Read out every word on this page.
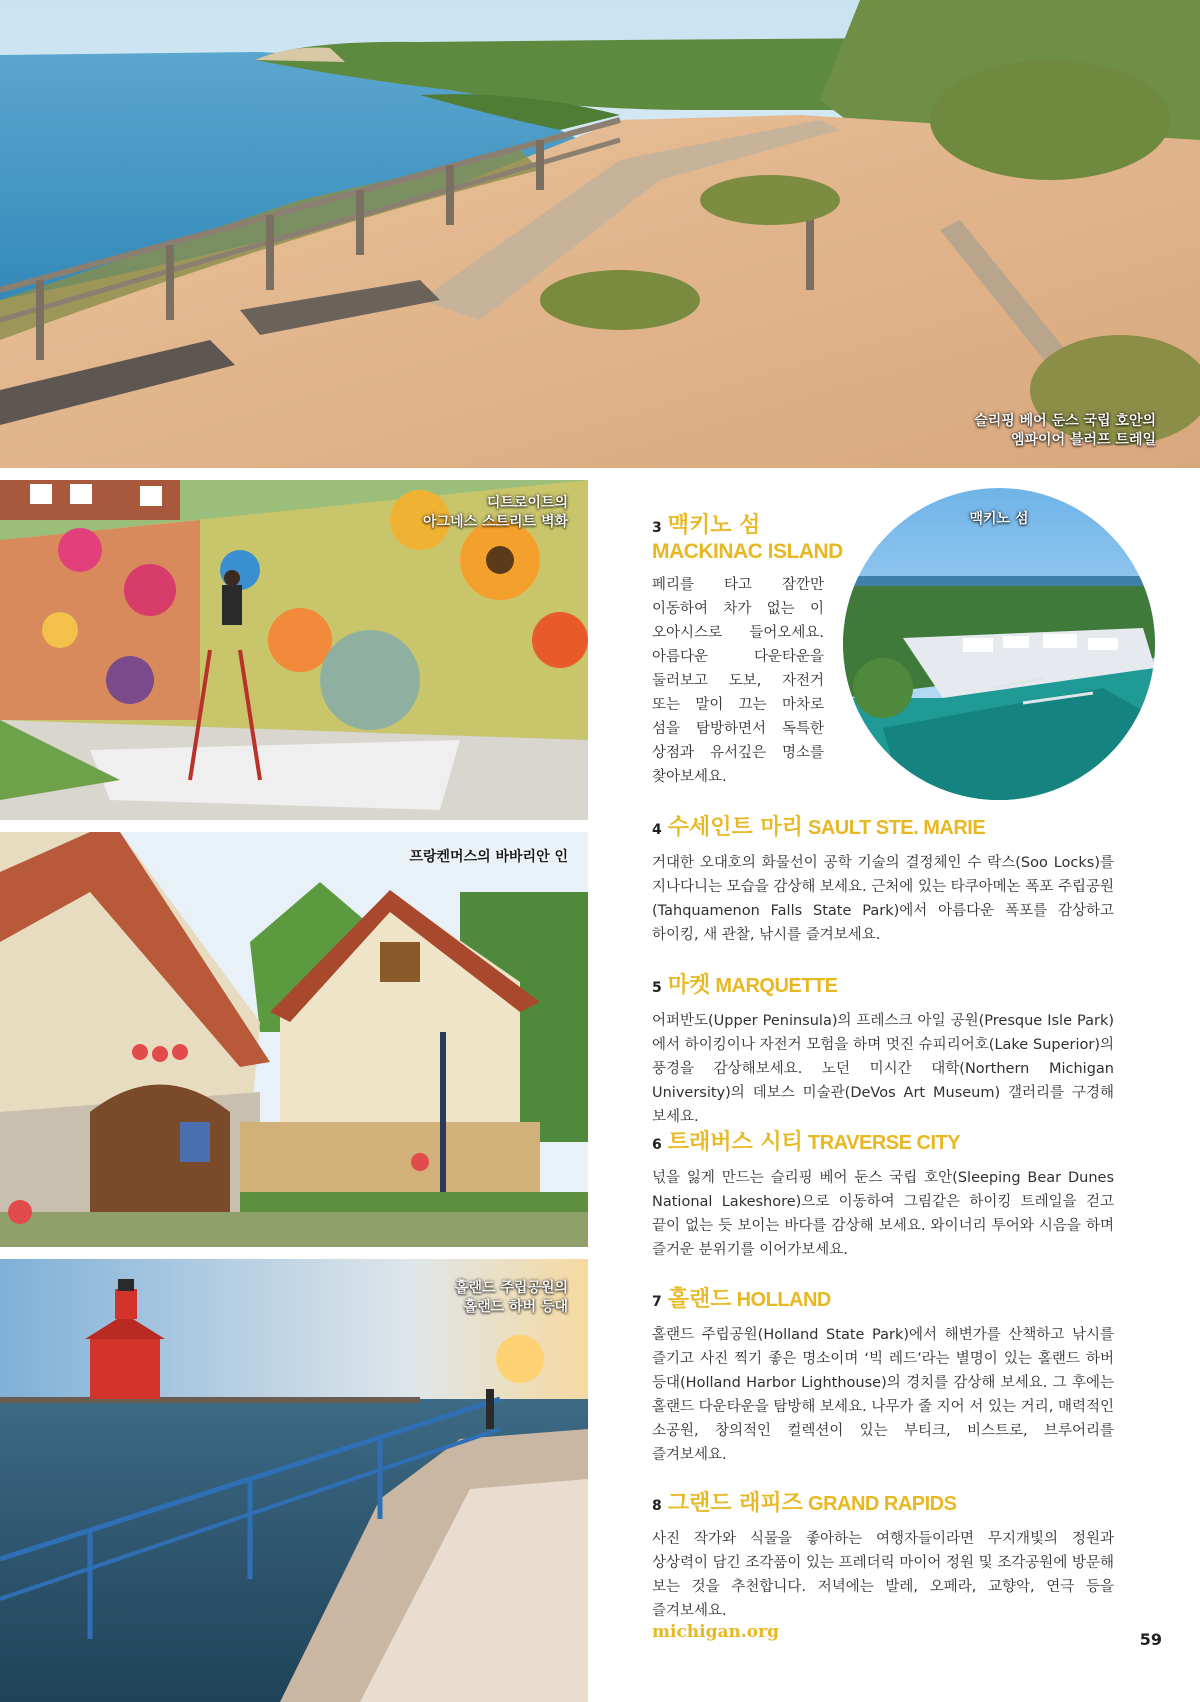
슬리핑 베어 둔스 국립 호안의
엠파이어 블러프 트레일
디트로이트의
아그네스 스트리트 벽화
프랑켄머스의 바바리안 인
홀랜드 주립공원의
홀랜드 하버 등대
맥키노 섬
3 맥키노 섬
MACKINAC ISLAND
페리를 타고 잠깐만 이동하여 차가 없는 이 오아시스로 들어오세요. 아름다운 다운타운을 둘러보고 도보, 자전거 또는 말이 끄는 마차로 섬을 탐방하면서 독특한 상점과 유서깊은 명소를 찾아보세요.
4 수세인트 마리 SAULT STE. MARIE
거대한 오대호의 화물선이 공학 기술의 결정체인 수 락스(Soo Locks)를 지나다니는 모습을 감상해 보세요. 근처에 있는 타쿠아메논 폭포 주립공원(Tahquamenon Falls State Park)에서 아름다운 폭포를 감상하고 하이킹, 새 관찰, 낚시를 즐겨보세요.
5 마켓 MARQUETTE
어퍼반도(Upper Peninsula)의 프레스크 아일 공원(Presque Isle Park)에서 하이킹이나 자전거 모험을 하며 멋진 슈피리어호(Lake Superior)의 풍경을 감상해보세요. 노던 미시간 대학(Northern Michigan University)의 데보스 미술관(DeVos Art Museum) 갤러리를 구경해 보세요.
6 트래버스 시티 TRAVERSE CITY
넋을 잃게 만드는 슬리핑 베어 둔스 국립 호안(Sleeping Bear Dunes National Lakeshore)으로 이동하여 그림같은 하이킹 트레일을 걷고 끝이 없는 듯 보이는 바다를 감상해 보세요. 와이너리 투어와 시음을 하며 즐거운 분위기를 이어가보세요.
7 홀랜드 HOLLAND
홀랜드 주립공원(Holland State Park)에서 해변가를 산책하고 낚시를 즐기고 사진 찍기 좋은 명소이며 ‘빅 레드’라는 별명이 있는 홀랜드 하버 등대(Holland Harbor Lighthouse)의 경치를 감상해 보세요. 그 후에는 홀랜드 다운타운을 탐방해 보세요. 나무가 줄 지어 서 있는 거리, 매력적인 소공원, 창의적인 컬렉션이 있는 부티크, 비스트로, 브루어리를 즐겨보세요.
8 그랜드 래피즈 GRAND RAPIDS
사진 작가와 식물을 좋아하는 여행자들이라면 무지개빛의 정원과 상상력이 담긴 조각품이 있는 프레더릭 마이어 정원 및 조각공원에 방문해 보는 것을 추천합니다. 저녁에는 발레, 오페라, 교향악, 연극 등을 즐겨보세요.
michigan.org	59
